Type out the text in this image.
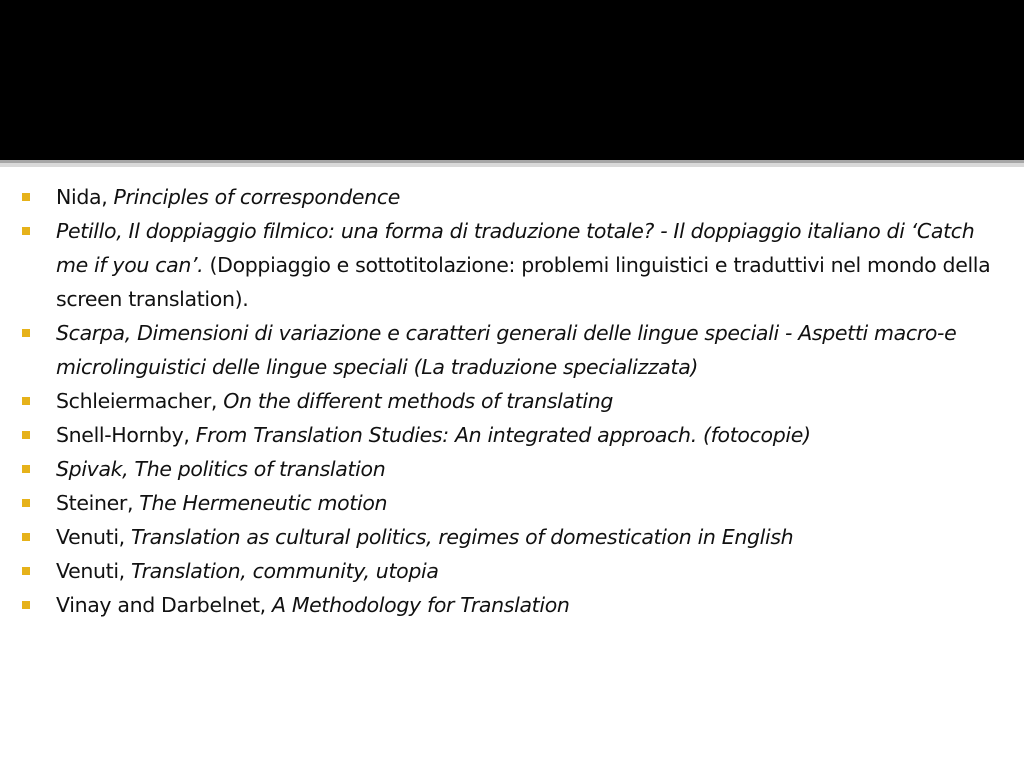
Nida, Principles of correspondence
Petillo, Il doppiaggio filmico: una forma di traduzione totale? - Il doppiaggio italiano di ‘Catch me if you can’. (Doppiaggio e sottotitolazione: problemi linguistici e traduttivi nel mondo della screen translation).
Scarpa, Dimensioni di variazione e caratteri generali delle lingue speciali - Aspetti macro-e microlinguistici delle lingue speciali (La traduzione specializzata)
Schleiermacher, On the different methods of translating
Snell-Hornby, From Translation Studies: An integrated approach. (fotocopie)
Spivak, The politics of translation
Steiner, The Hermeneutic motion
Venuti, Translation as cultural politics, regimes of domestication in English
Venuti, Translation, community, utopia
Vinay and Darbelnet, A Methodology for Translation
